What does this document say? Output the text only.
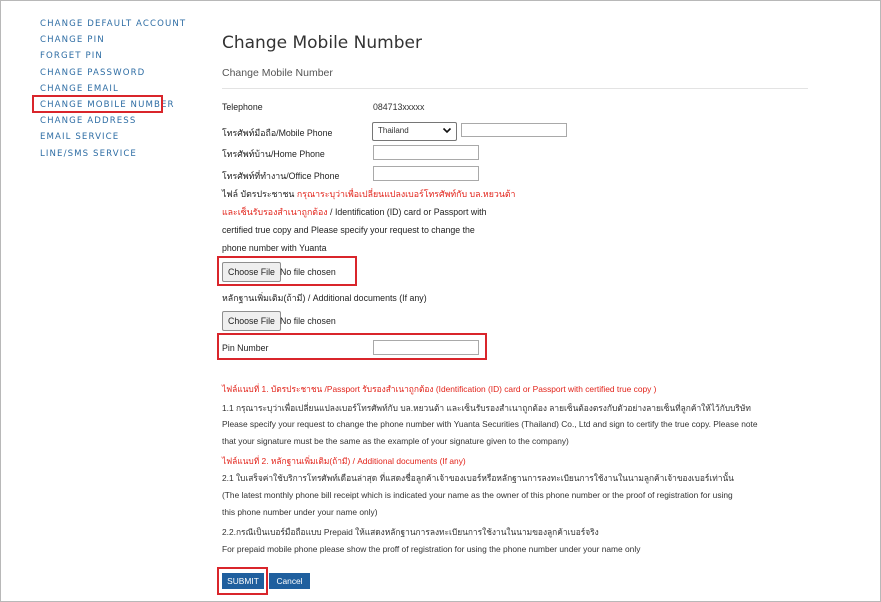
CHANGE DEFAULT ACCOUNT
CHANGE PIN
FORGET PIN
CHANGE PASSWORD
CHANGE EMAIL
CHANGE MOBILE NUMBER
CHANGE ADDRESS
EMAIL SERVICE
LINE/SMS SERVICE
Change Mobile Number
Change Mobile Number
Telephone	084713xxxxx
โทรศัพท์มือถือ/Mobile Phone	Thailand
โทรศัพท์บ้าน/Home Phone
โทรศัพท์ที่ทำงาน/Office Phone
ไฟล์ บัตรประชาชน กรุณาระบุว่าเพื่อเปลี่ยนแปลงเบอร์โทรศัพท์กับ บล.หยวนต้า
และเซ็นรับรองสำเนาถูกต้อง / Identification (ID) card or Passport with
certified true copy and Please specify your request to change the
phone number with Yuanta
Choose File No file chosen
หลักฐานเพิ่มเติม(ถ้ามี) / Additional documents (If any)
Choose File No file chosen
Pin Number
ไฟล์แนบที่ 1. บัตรประชาชน /Passport รับรองสำเนาถูกต้อง (Identification (ID) card or Passport with certified true copy )
1.1 กรุณาระบุว่าเพื่อเปลี่ยนแปลงเบอร์โทรศัพท์กับ บล.หยวนต้า และเซ็นรับรองสำเนาถูกต้อง ลายเซ็นต้องตรงกับตัวอย่างลายเซ็นที่ลูกค้าให้ไว้กับบริษัท
Please specify your request to change the phone number with Yuanta Securities (Thailand) Co., Ltd and sign to certify the true copy. Please note
that your signature must be the same as the example of your signature given to the company)
ไฟล์แนบที่ 2. หลักฐานเพิ่มเติม(ถ้ามี) / Additional documents (If any)
2.1 ใบเสร็จค่าใช้บริการโทรศัพท์เดือนล่าสุด ที่แสดงชื่อลูกค้าเจ้าของเบอร์หรือหลักฐานการลงทะเบียนการใช้งานในนามลูกค้าเจ้าของเบอร์เท่านั้น
(The latest monthly phone bill receipt which is indicated your name as the owner of this phone number or the proof of registration for using
this phone number under your name only)
2.2.กรณีเป็นเบอร์มือถือแบบ Prepaid ให้แสดงหลักฐานการลงทะเบียนการใช้งานในนามของลูกค้าเบอร์จริง
For prepaid mobile phone please show the proff of registration for using the phone number under your name only
SUBMIT	Cancel
